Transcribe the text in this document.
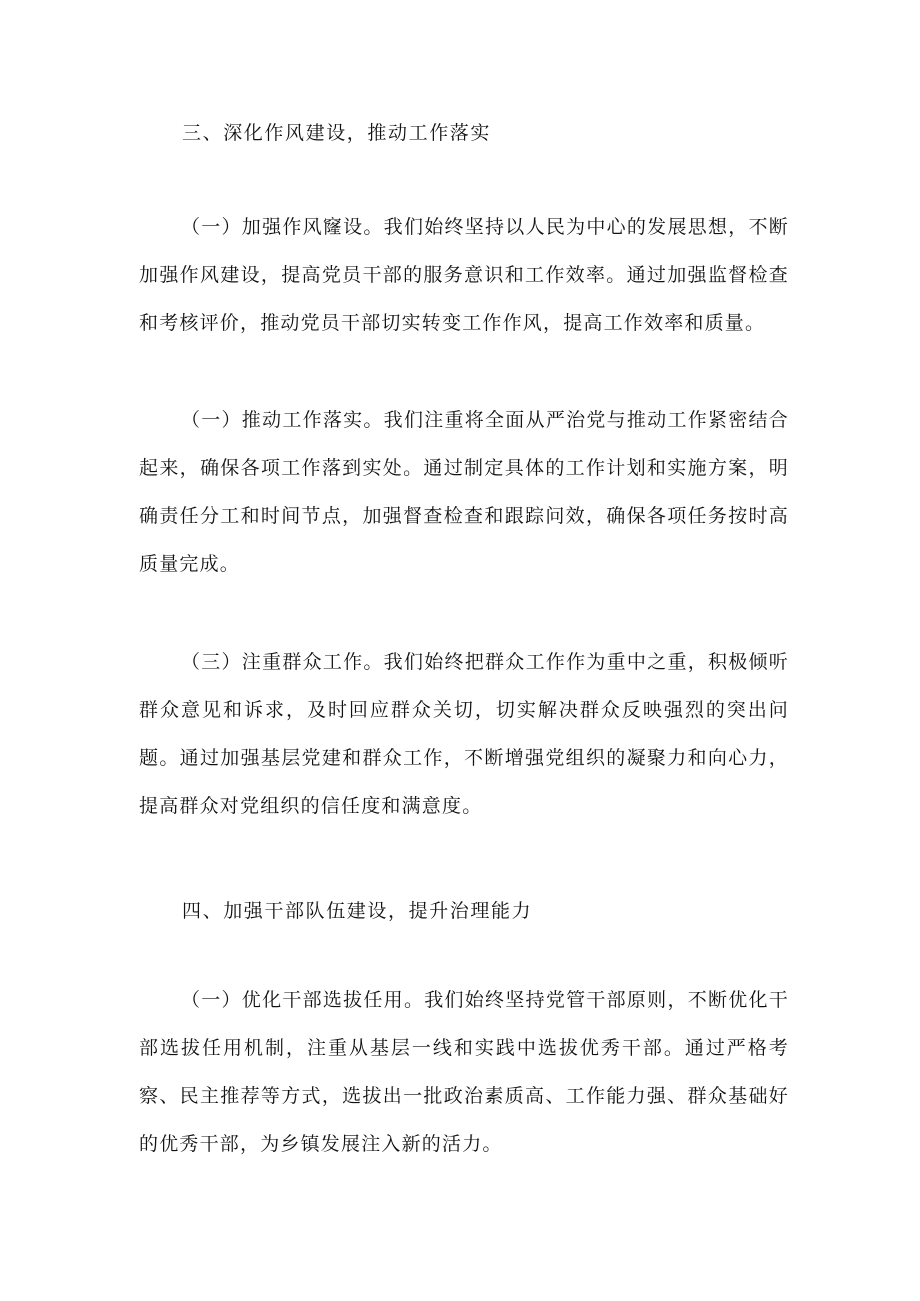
三、深化作风建设，推动工作落实

（一）加强作风窿设。我们始终坚持以人民为中心的发展思想，不断加强作风建设，提高党员干部的服务意识和工作效率。通过加强监督检查和考核评价，推动党员干部切实转变工作作风，提高工作效率和质量。

（一）推动工作落实。我们注重将全面从严治党与推动工作紧密结合起来，确保各项工作落到实处。通过制定具体的工作计划和实施方案，明确责任分工和时间节点，加强督查检查和跟踪问效，确保各项任务按时高质量完成。

（三）注重群众工作。我们始终把群众工作作为重中之重，积极倾听群众意见和诉求，及时回应群众关切，切实解决群众反映强烈的突出问题。通过加强基层党建和群众工作，不断增强党组织的凝聚力和向心力，提高群众对党组织的信任度和满意度。

四、加强干部队伍建设，提升治理能力

（一）优化干部选拔任用。我们始终坚持党管干部原则，不断优化干部选拔任用机制，注重从基层一线和实践中选拔优秀干部。通过严格考察、民主推荐等方式，选拔出一批政治素质高、工作能力强、群众基础好的优秀干部，为乡镇发展注入新的活力。
